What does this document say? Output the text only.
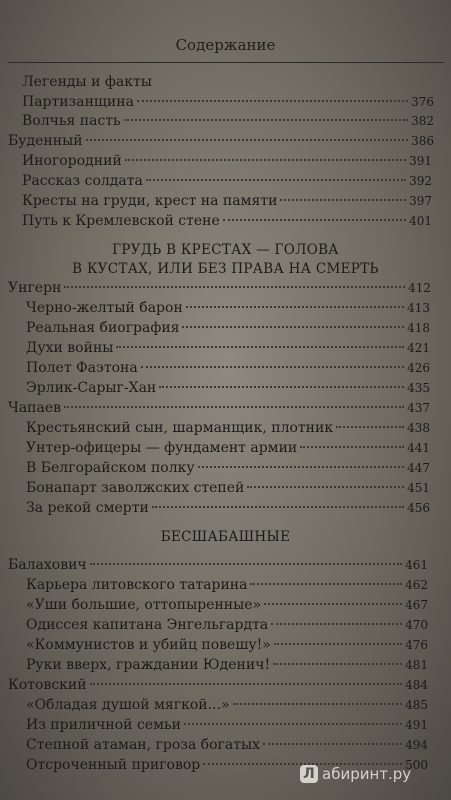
Содержание
Легенды и факты
Партизанщина	376
Волчья пасть	382
Буденный	386
Иногородний	391
Рассказ солдата	392
Кресты на груди, крест на памяти	397
Путь к Кремлевской стене	401
ГРУДЬ В КРЕСТАХ — ГОЛОВА
В КУСТАХ, ИЛИ БЕЗ ПРАВА НА СМЕРТЬ
Унгерн	412
Черно-желтый барон	413
Реальная биография	418
Духи войны	421
Полет Фаэтона	426
Эрлик-Сарыг-Хан	435
Чапаев	437
Крестьянский сын, шарманщик, плотник	438
Унтер-офицеры — фундамент армии	441
В Белгорайском полку	447
Бонапарт заволжских степей	451
За рекой смерти	456
БЕСШАБАШНЫЕ
Балахович	461
Карьера литовского татарина	462
«Уши большие, оттопыренные»	467
Одиссея капитана Энгельгардта	470
«Коммунистов и убийц повешу!»	476
Руки вверх, граждании Юденич!	481
Котовский	484
«Обладая душой мягкой...»	485
Из приличной семьи	491
Степной атаман, гроза богатых	494
Отсроченный приговор	500
Л абиринт.ру
